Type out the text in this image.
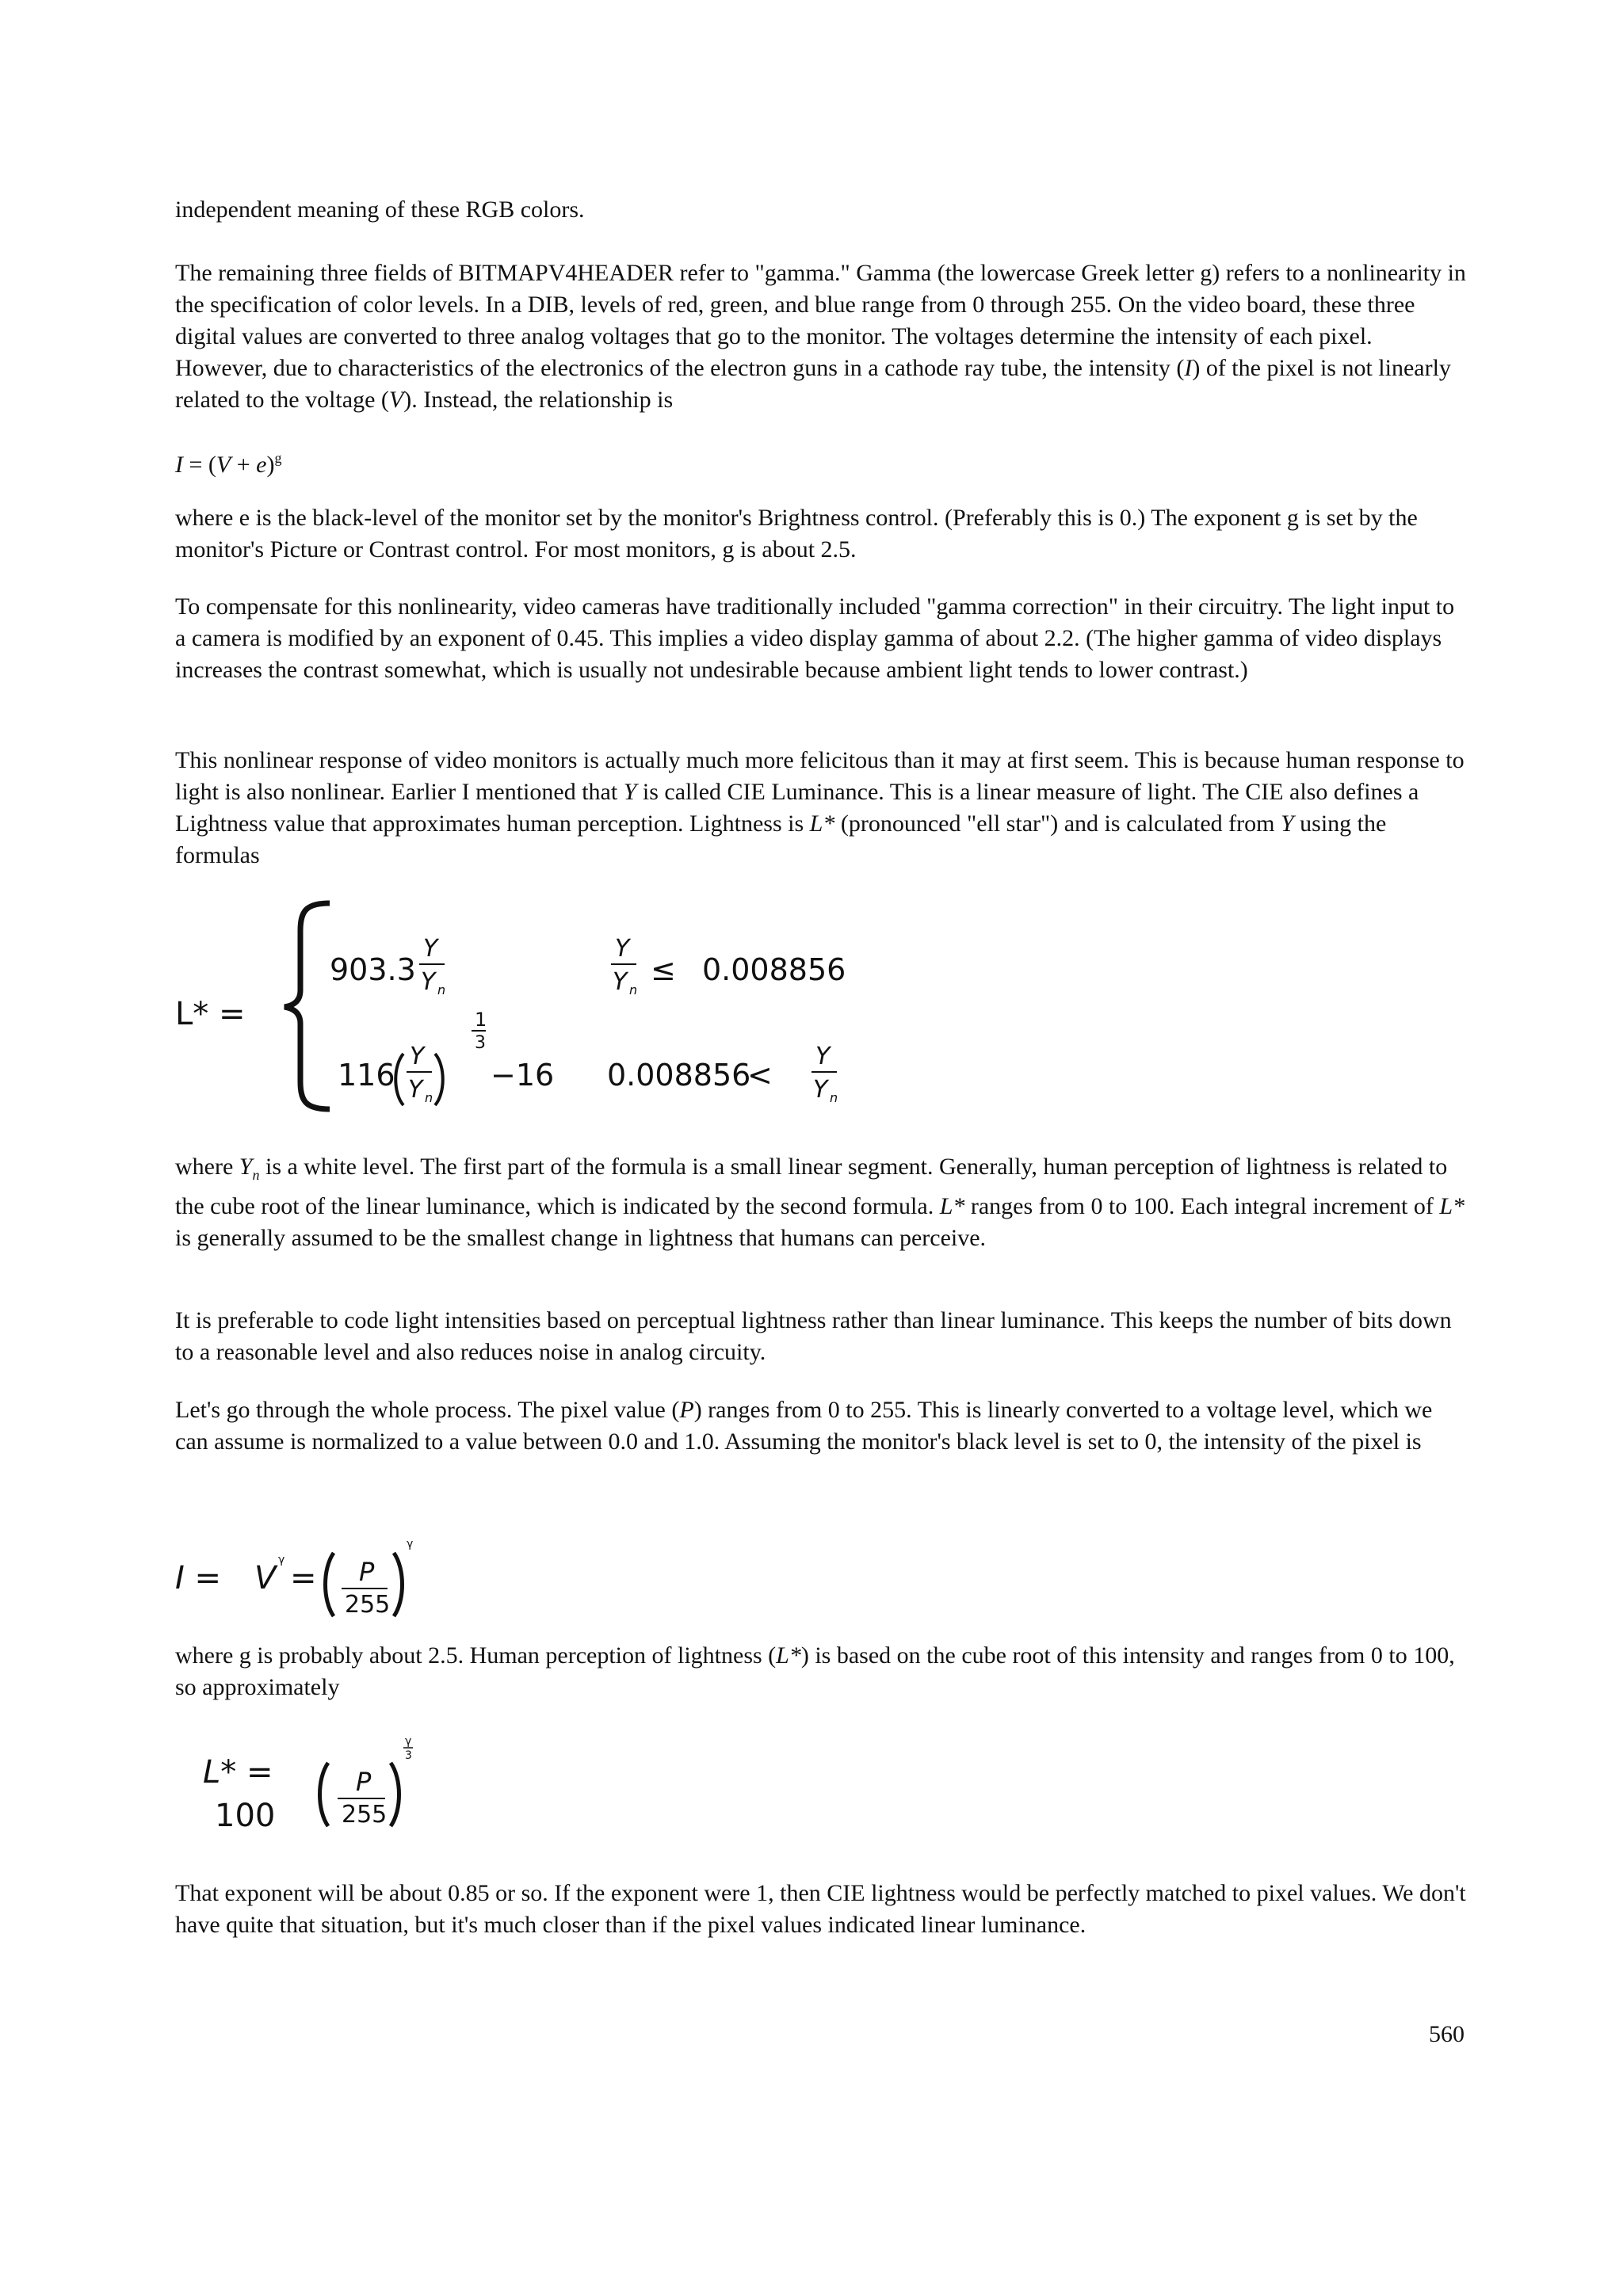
independent meaning of these RGB colors.

The remaining three fields of BITMAPV4HEADER refer to "gamma." Gamma (the lowercase Greek letter g) refers to a nonlinearity in the specification of color levels. In a DIB, levels of red, green, and blue range from 0 through 255. On the video board, these three digital values are converted to three analog voltages that go to the monitor. The voltages determine the intensity of each pixel. However, due to characteristics of the electronics of the electron guns in a cathode ray tube, the intensity (I) of the pixel is not linearly related to the voltage (V). Instead, the relationship is

$I = (V + e)^g$

where e is the black-level of the monitor set by the monitor's Brightness control. (Preferably this is 0.) The exponent g is set by the monitor's Picture or Contrast control. For most monitors, g is about 2.5.

To compensate for this nonlinearity, video cameras have traditionally included "gamma correction" in their circuitry. The light input to a camera is modified by an exponent of 0.45. This implies a video display gamma of about 2.2. (The higher gamma of video displays increases the contrast somewhat, which is usually not undesirable because ambient light tends to lower contrast.)

This nonlinear response of video monitors is actually much more felicitous than it may at first seem. This is because human response to light is also nonlinear. Earlier I mentioned that Y is called CIE Luminance. This is a linear measure of light. The CIE also defines a Lightness value that approximates human perception. Lightness is L* (pronounced "ell star") and is calculated from Y using the formulas

L* =
903.3
Y
Y n
Y
Y n
≤ 0.008856
116
Y
Y n
1
3
−16 0.008856
<
Y
Y n

where $Y_n$ is a white level. The first part of the formula is a small linear segment. Generally, human perception of lightness is related to the cube root of the linear luminance, which is indicated by the second formula. L* ranges from 0 to 100. Each integral increment of L* is generally assumed to be the smallest change in lightness that humans can perceive.

It is preferable to code light intensities based on perceptual lightness rather than linear luminance. This keeps the number of bits down to a reasonable level and also reduces noise in analog circuity.

Let's go through the whole process. The pixel value (P) ranges from 0 to 255. This is linearly converted to a voltage level, which we can assume is normalized to a value between 0.0 and 1.0. Assuming the monitor's black level is set to 0, the intensity of the pixel is

I = V γ = P
255
γ

where g is probably about 2.5. Human perception of lightness (L*) is based on the cube root of this intensity and ranges from 0 to 100, so approximately

L* =
100
P
255
γ
3

That exponent will be about 0.85 or so. If the exponent were 1, then CIE lightness would be perfectly matched to pixel values. We don't have quite that situation, but it's much closer than if the pixel values indicated linear luminance.

560
